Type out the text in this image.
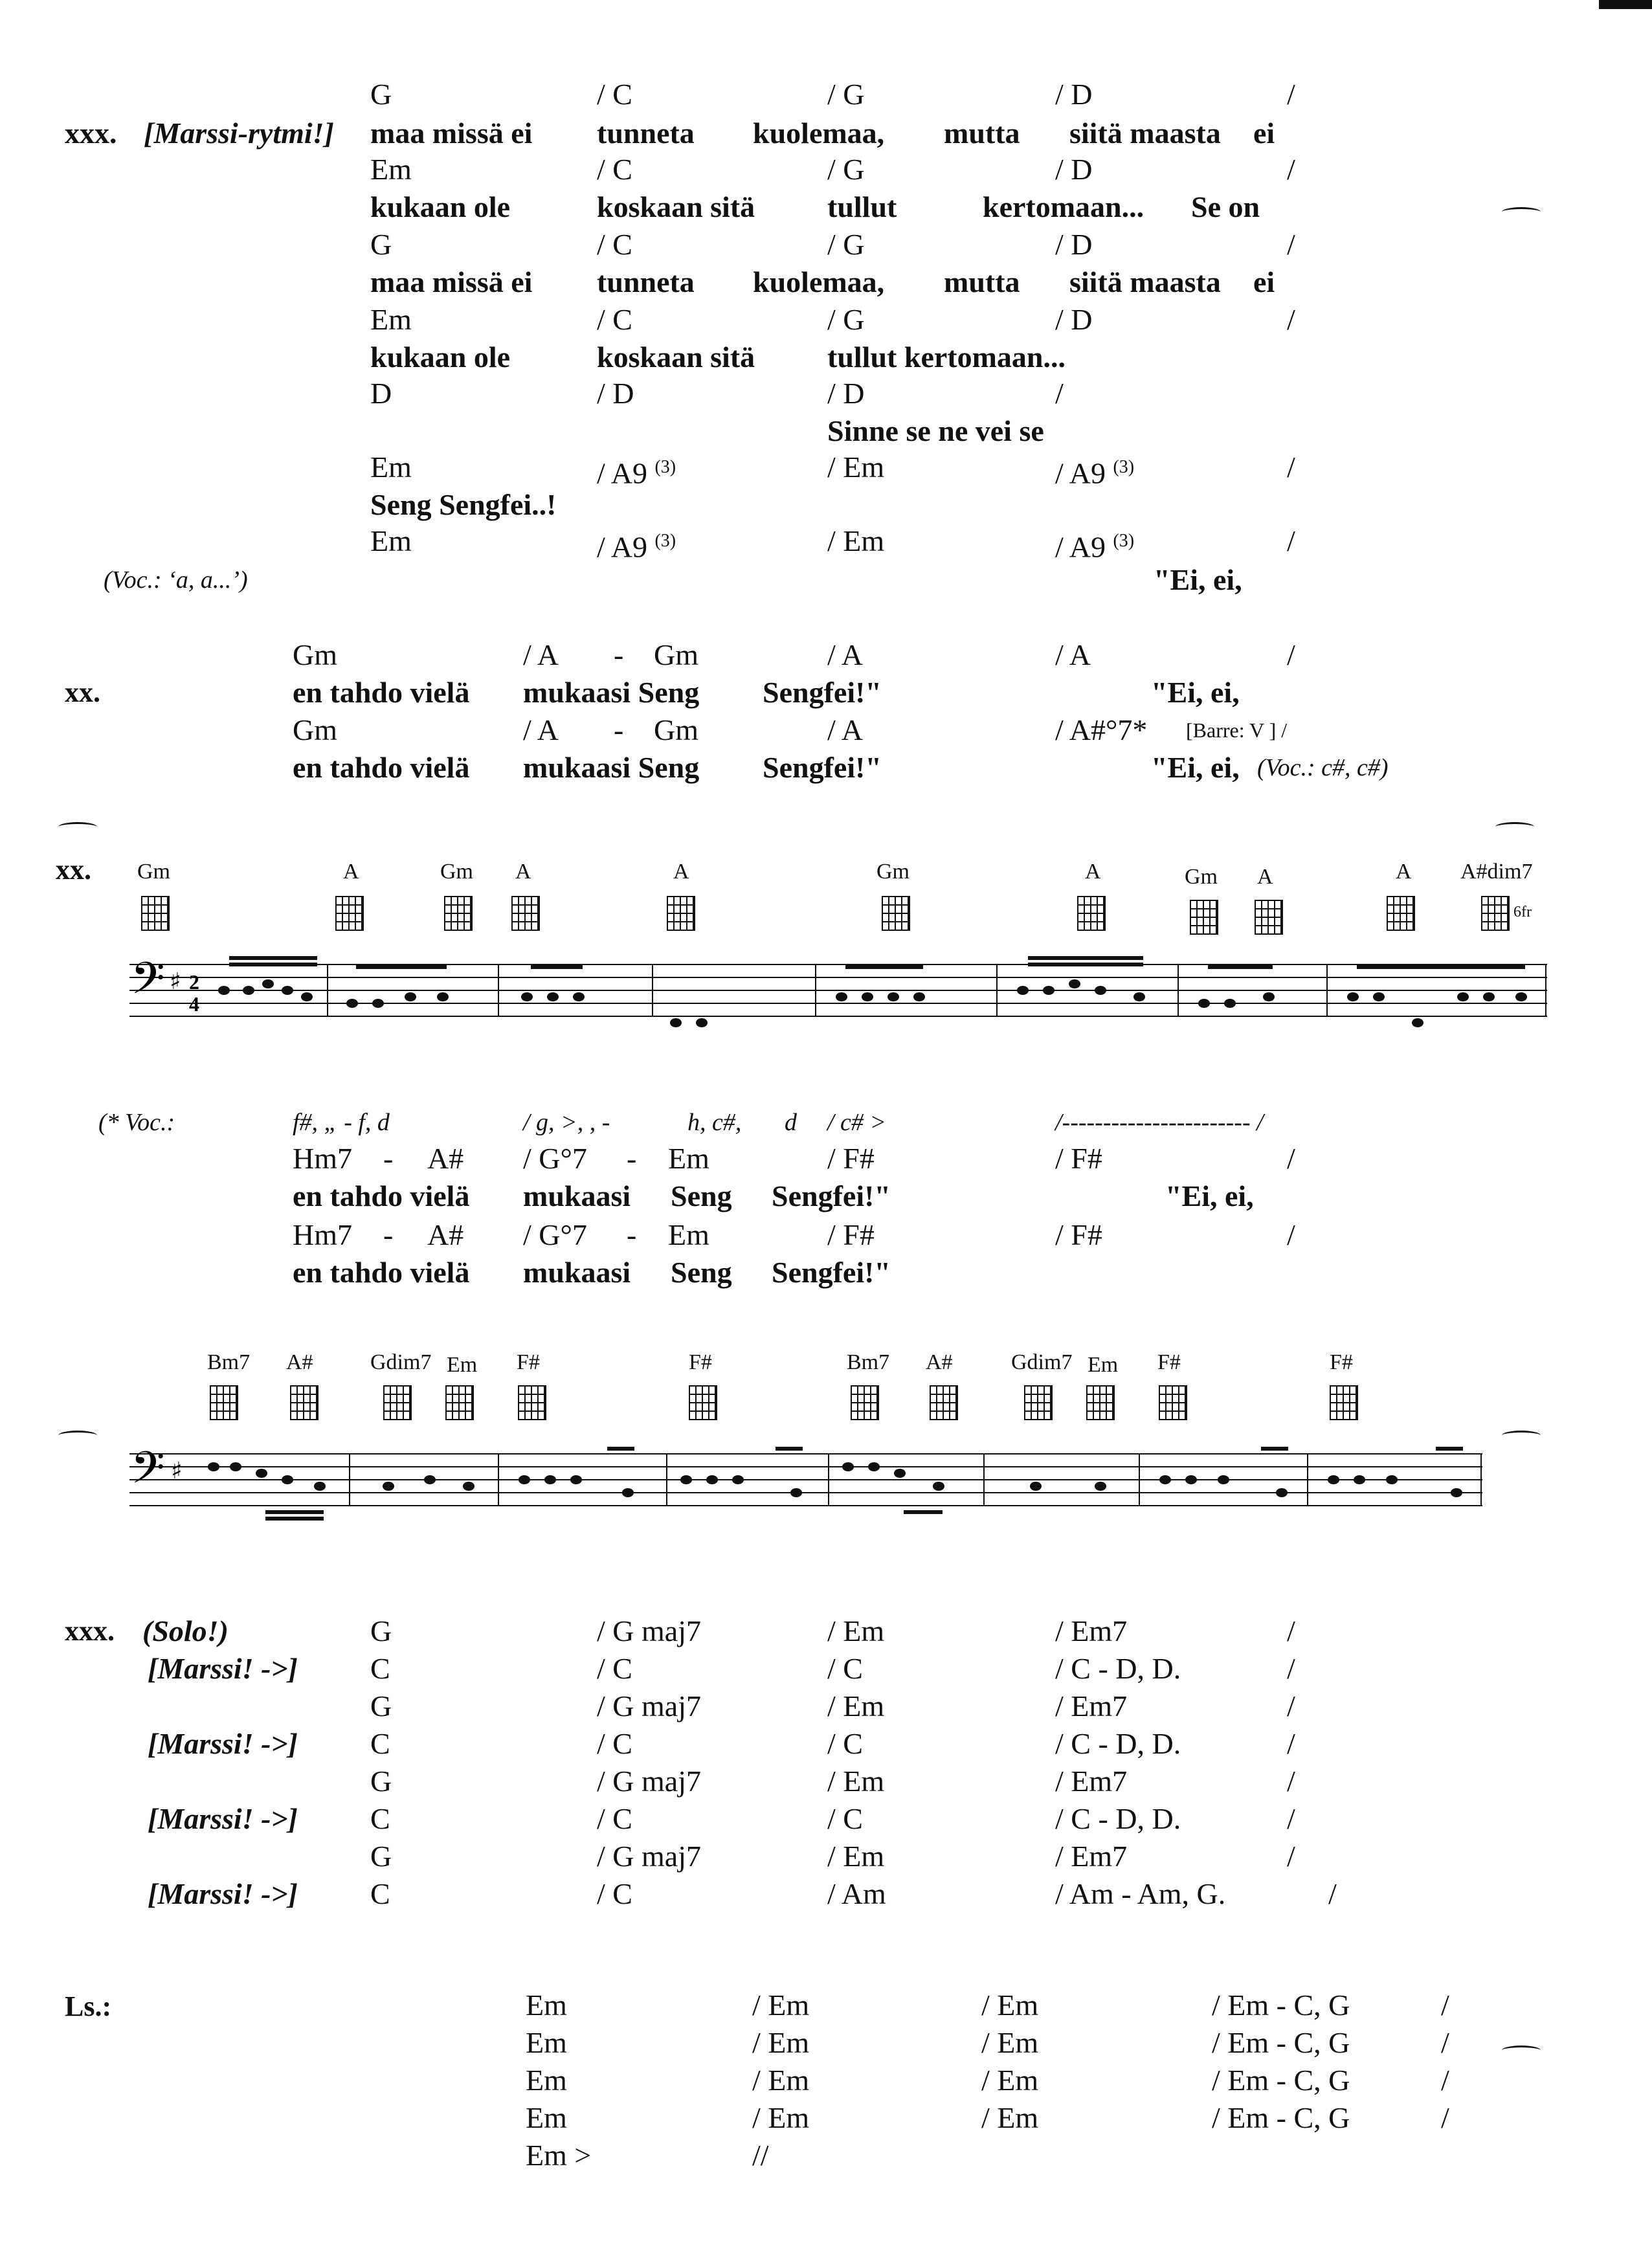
xxx. [Marssi-rytmi!]
G	/ C	/ G	/ D	/
maa missä ei tunneta kuolemaa, mutta siitä maasta ei
Em	/ C	/ G	/ D	/
kukaan ole	koskaan sitä tullut	kertomaan... Se on
G	/ C	/ G	/ D	/
maa missä ei tunneta kuolemaa, mutta siitä maasta ei
Em	/ C	/ G	/ D	/
kukaan ole	koskaan sitä tullut kertomaan...
D	/ D	/ D	/
Sinne se ne vei se
Em	/ A9 $^{(3)}$	/ Em	/ A9 $^{(3)}$	/
Seng Sengfei..!
Em	/ A9 $^{(3)}$	/ Em	/ A9 $^{(3)}$	/
(Voc.: ‘a, a...’)	"Ei, ei,
xx.
Gm	/ A - Gm	/ A	/ A	/
en tahdo vielä mukaasi Seng Sengfei!"	"Ei, ei,
Gm	/ A - Gm	/ A	/ A#°7* [Barre: V ] /
en tahdo vielä mukaasi Seng Sengfei!"	"Ei, ei, (Voc.: c#, c#)
xx. Gm	A	Gm A	A	Gm	A	Gm A	A A#dim7
6fr
𝄢 ♯ 2
4
(* Voc.:	f#, „ - f, d	/ g, >, , -	h, c#, d / c# >	/----------------------- /
Hm7 - A# / G°7 - Em	/ F#	/ F#	/
en tahdo vielä mukaasi Seng Sengfei!"	"Ei, ei,
Hm7 - A# / G°7 - Em	/ F#	/ F#	/
en tahdo vielä mukaasi Seng Sengfei!"
Bm7 A#	Gdim7 Em F#	F#	Bm7 A#	Gdim7 Em F#	F#
𝄢 ♯
xxx. (Solo!)	G	/ G maj7	/ Em	/ Em7	/
[Marssi! ->] C	/ C	/ C	/ C - D, D.	/
G	/ G maj7	/ Em	/ Em7	/
[Marssi! ->] C	/ C	/ C	/ C - D, D.	/
G	/ G maj7	/ Em	/ Em7	/
[Marssi! ->] C	/ C	/ C	/ C - D, D.	/
G	/ G maj7	/ Em	/ Em7	/
[Marssi! ->] C	/ C	/ Am	/ Am - Am, G.	/
Ls.:	Em	/ Em	/ Em	/ Em - C, G	/
Em	/ Em	/ Em	/ Em - C, G	/
Em	/ Em	/ Em	/ Em - C, G	/
Em	/ Em	/ Em	/ Em - C, G	/
Em >	//
